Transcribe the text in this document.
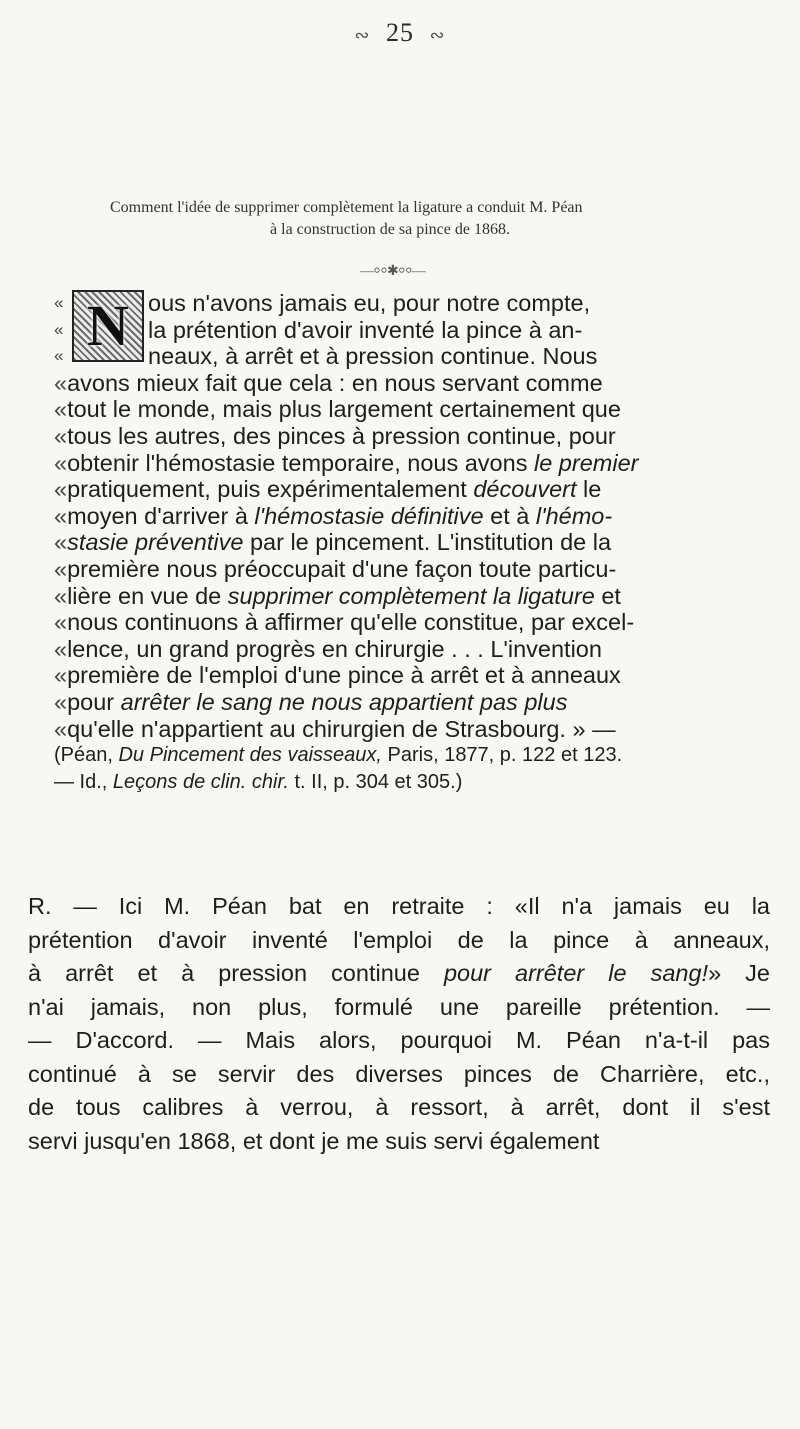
∾ 25 ∾
Comment l'idée de supprimer complètement la ligature a conduit M. Péan
à la construction de sa pince de 1868.
—⸰⸰✱⸰⸰—
«
«
« N ous n'avons jamais eu, pour notre compte,
la prétention d'avoir inventé la pince à an-
neaux, à arrêt et à pression continue. Nous
«avons mieux fait que cela : en nous servant comme
«tout le monde, mais plus largement certainement que
«tous les autres, des pinces à pression continue, pour
«obtenir l'hémostasie temporaire, nous avons le premier
«pratiquement, puis expérimentalement découvert le
«moyen d'arriver à l'hémostasie définitive et à l'hémo-
«stasie préventive par le pincement. L'institution de la
«première nous préoccupait d'une façon toute particu-
«lière en vue de supprimer complètement la ligature et
«nous continuons à affirmer qu'elle constitue, par excel-
«lence, un grand progrès en chirurgie . . . L'invention
«première de l'emploi d'une pince à arrêt et à anneaux
«pour arrêter le sang ne nous appartient pas plus
«qu'elle n'appartient au chirurgien de Strasbourg. » —
(Péan, Du Pincement des vaisseaux, Paris, 1877, p. 122 et 123.
— Id., Leçons de clin. chir. t. II, p. 304 et 305.)
R. — Ici M. Péan bat en retraite : «Il n'a jamais eu la
prétention d'avoir inventé l'emploi de la pince à anneaux,
à arrêt et à pression continue pour arrêter le sang!» Je
n'ai jamais, non plus, formulé une pareille prétention. —
— D'accord. — Mais alors, pourquoi M. Péan n'a-t-il pas
continué à se servir des diverses pinces de Charrière, etc.,
de tous calibres à verrou, à ressort, à arrêt, dont il s'est
servi jusqu'en 1868, et dont je me suis servi également
